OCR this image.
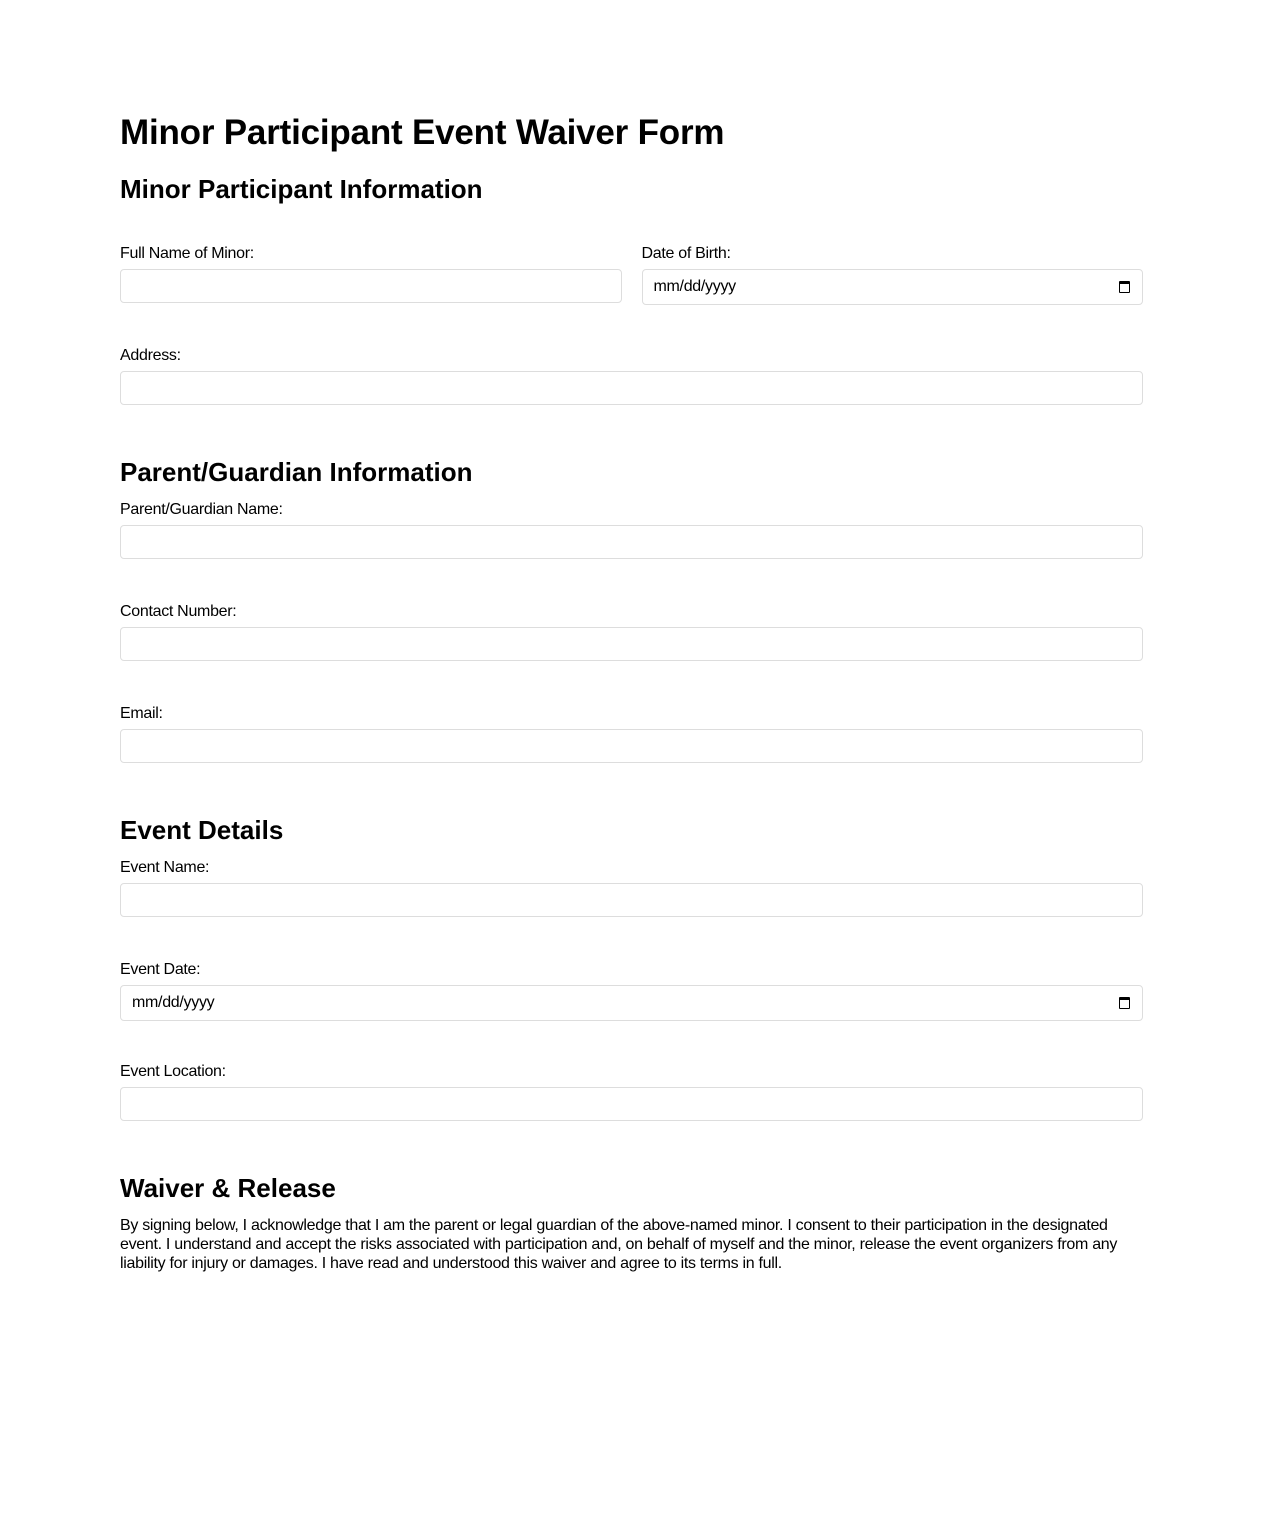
Minor Participant Event Waiver Form
Minor Participant Information
Full Name of Minor:	Date of Birth:
mm/dd/yyyy
Address:
Parent/Guardian Information
Parent/Guardian Name:
Contact Number:
Email:
Event Details
Event Name:
Event Date:
mm/dd/yyyy
Event Location:
Waiver & Release

By signing below, I acknowledge that I am the parent or legal guardian of the above-named minor. I consent to their participation in the designated event. I understand and accept the risks associated with participation and, on behalf of myself and the minor, release the event organizers from any liability for injury or damages. I have read and understood this waiver and agree to its terms in full.
